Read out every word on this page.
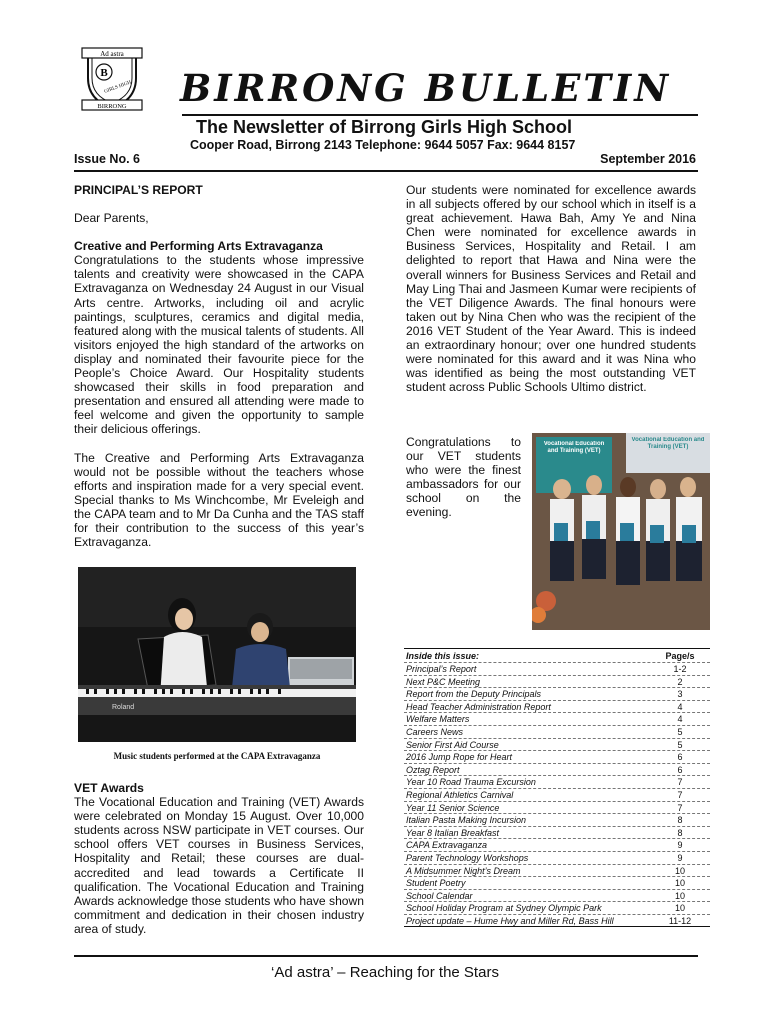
Ad astra
B
GIRLS HIGH
BIRRONG BIRRONG BULLETIN
The Newsletter of Birrong Girls High School
Cooper Road, Birrong 2143 Telephone: 9644 5057 Fax: 9644 8157
Issue No. 6	September 2016

PRINCIPAL’S REPORT

Dear Parents,

Creative and Performing Arts Extravaganza

Congratulations to the students whose impressive talents and creativity were showcased in the CAPA Extravaganza on Wednesday 24 August in our Visual Arts centre. Artworks, including oil and acrylic paintings, sculptures, ceramics and digital media, featured along with the musical talents of students. All visitors enjoyed the high standard of the artworks on display and nominated their favourite piece for the People’s Choice Award. Our Hospitality students showcased their skills in food preparation and presentation and ensured all attending were made to feel welcome and given the opportunity to sample their delicious offerings.

The Creative and Performing Arts Extravaganza would not be possible without the teachers whose efforts and inspiration made for a very special event. Special thanks to Ms Winchcombe, Mr Eveleigh and the CAPA team and to Mr Da Cunha and the TAS staff for their contribution to the success of this year’s Extravaganza.

Roland
Music students performed at the CAPA Extravaganza
VET Awards
The Vocational Education and Training (VET) Awards were celebrated on Monday 15 August. Over 10,000 students across NSW participate in VET courses. Our school offers VET courses in Business Services, Hospitality and Retail; these courses are dual-accredited and lead towards a Certificate II qualification. The Vocational Education and Training Awards acknowledge those students who have shown commitment and dedication in their chosen industry area of study.

Our students were nominated for excellence awards in all subjects offered by our school which in itself is a great achievement. Hawa Bah, Amy Ye and Nina Chen were nominated for excellence awards in Business Services, Hospitality and Retail. I am delighted to report that Hawa and Nina were the overall winners for Business Services and Retail and May Ling Thai and Jasmeen Kumar were recipients of the VET Diligence Awards. The final honours were taken out by Nina Chen who was the recipient of the 2016 VET Student of the Year Award. This is indeed an extraordinary honour; over one hundred students were nominated for this award and it was Nina who was identified as being the most outstanding VET student across Public Schools Ultimo district.

Congratulations to our VET students who were the finest ambassadors for our school on the evening.
Vocational Education and Training (VET)
Vocational Education and Training (VET)
Inside this issue:	Page/s
Principal’s Report	1-2
Next P&C Meeting	2
Report from the Deputy Principals	3
Head Teacher Administration Report	4
Welfare Matters	4
Careers News	5
Senior First Aid Course	5
2016 Jump Rope for Heart	6
Oztag Report	6
Year 10 Road Trauma Excursion	7
Regional Athletics Carnival	7
Year 11 Senior Science	7
Italian Pasta Making Incursion	8
Year 8 Italian Breakfast	8
CAPA Extravaganza	9
Parent Technology Workshops	9
A Midsummer Night’s Dream	10
Student Poetry	10
School Calendar	10
School Holiday Program at Sydney Olympic Park	10
Project update – Hume Hwy and Miller Rd, Bass Hill	11-12
‘Ad astra’ – Reaching for the Stars
